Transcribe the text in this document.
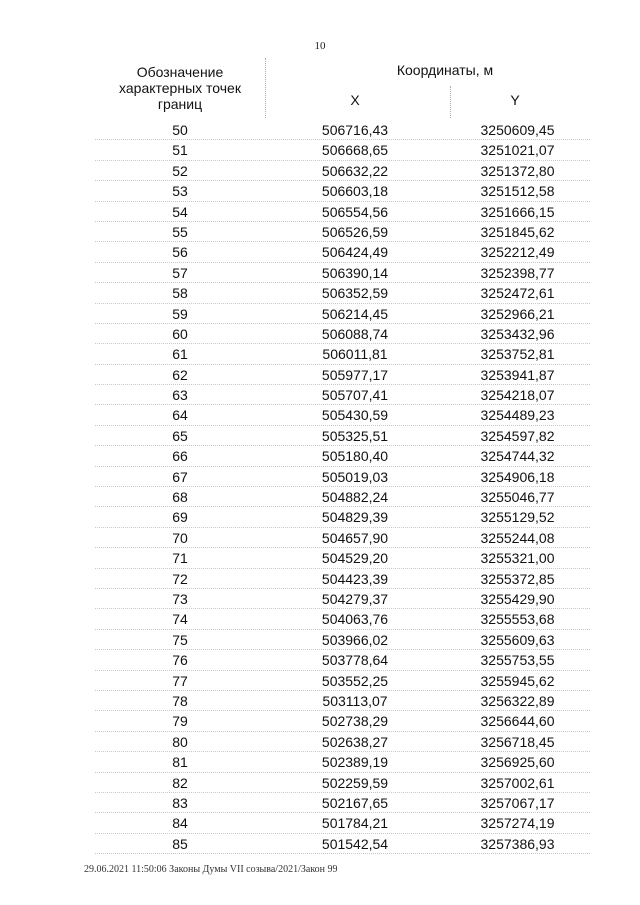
10
Обозначение характерных точек границ
Координаты, м
X	Y
50	506716,43	3250609,45
51	506668,65	3251021,07
52	506632,22	3251372,80
53	506603,18	3251512,58
54	506554,56	3251666,15
55	506526,59	3251845,62
56	506424,49	3252212,49
57	506390,14	3252398,77
58	506352,59	3252472,61
59	506214,45	3252966,21
60	506088,74	3253432,96
61	506011,81	3253752,81
62	505977,17	3253941,87
63	505707,41	3254218,07
64	505430,59	3254489,23
65	505325,51	3254597,82
66	505180,40	3254744,32
67	505019,03	3254906,18
68	504882,24	3255046,77
69	504829,39	3255129,52
70	504657,90	3255244,08
71	504529,20	3255321,00
72	504423,39	3255372,85
73	504279,37	3255429,90
74	504063,76	3255553,68
75	503966,02	3255609,63
76	503778,64	3255753,55
77	503552,25	3255945,62
78	503113,07	3256322,89
79	502738,29	3256644,60
80	502638,27	3256718,45
81	502389,19	3256925,60
82	502259,59	3257002,61
83	502167,65	3257067,17
84	501784,21	3257274,19
85	501542,54	3257386,93
29.06.2021 11:50:06 Законы Думы VII созыва/2021/Закон 99
